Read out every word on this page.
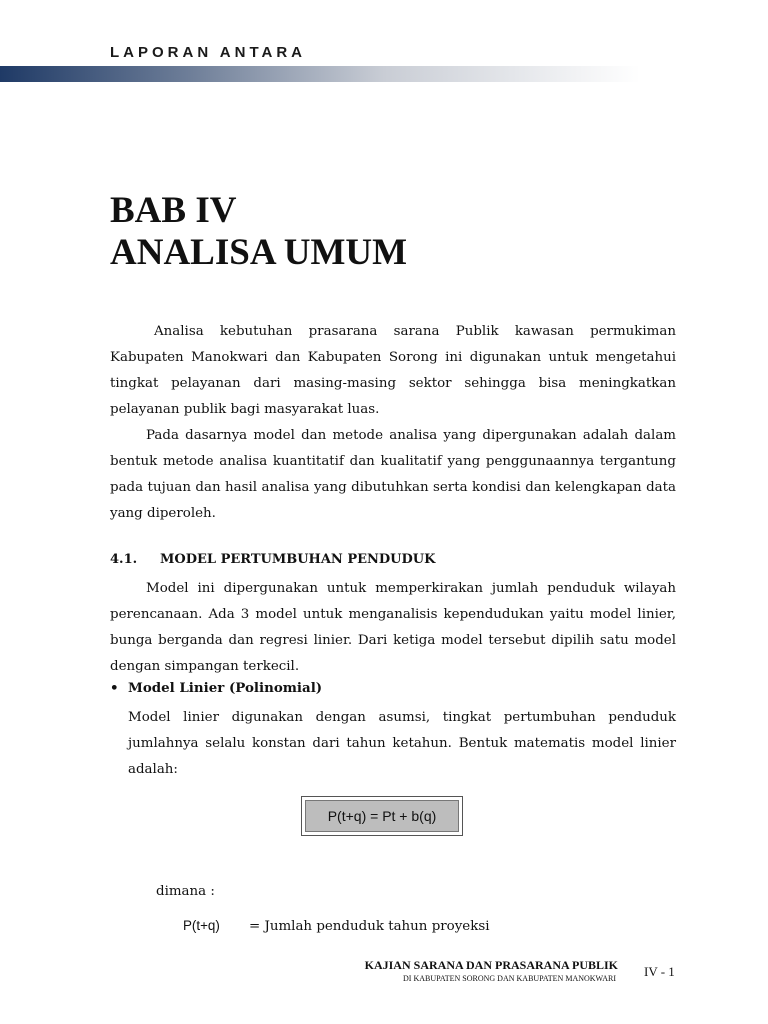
LAPORAN ANTARA
BAB IV
ANALISA UMUM
Analisa kebutuhan prasarana sarana Publik kawasan permukiman Kabupaten Manokwari dan Kabupaten Sorong ini digunakan untuk mengetahui tingkat pelayanan dari masing-masing sektor sehingga bisa meningkatkan pelayanan publik bagi masyarakat luas.
Pada dasarnya model dan metode analisa yang dipergunakan adalah dalam bentuk metode analisa kuantitatif dan kualitatif yang penggunaannya tergantung pada tujuan dan hasil analisa yang dibutuhkan serta kondisi dan kelengkapan data yang diperoleh.
4.1. MODEL PERTUMBUHAN PENDUDUK
Model ini dipergunakan untuk memperkirakan jumlah penduduk wilayah perencanaan. Ada 3 model untuk menganalisis kependudukan yaitu model linier, bunga berganda dan regresi linier. Dari ketiga model tersebut dipilih satu model dengan simpangan terkecil.
• Model Linier (Polinomial)
Model linier digunakan dengan asumsi, tingkat pertumbuhan penduduk jumlahnya selalu konstan dari tahun ketahun. Bentuk matematis model linier adalah:
P(t+q) = Pt + b(q)
dimana :
P(t+q) = Jumlah penduduk tahun proyeksi
KAJIAN SARANA DAN PRASARANA PUBLIK
DI KABUPATEN SORONG DAN KABUPATEN MANOKWARI IV - 1
